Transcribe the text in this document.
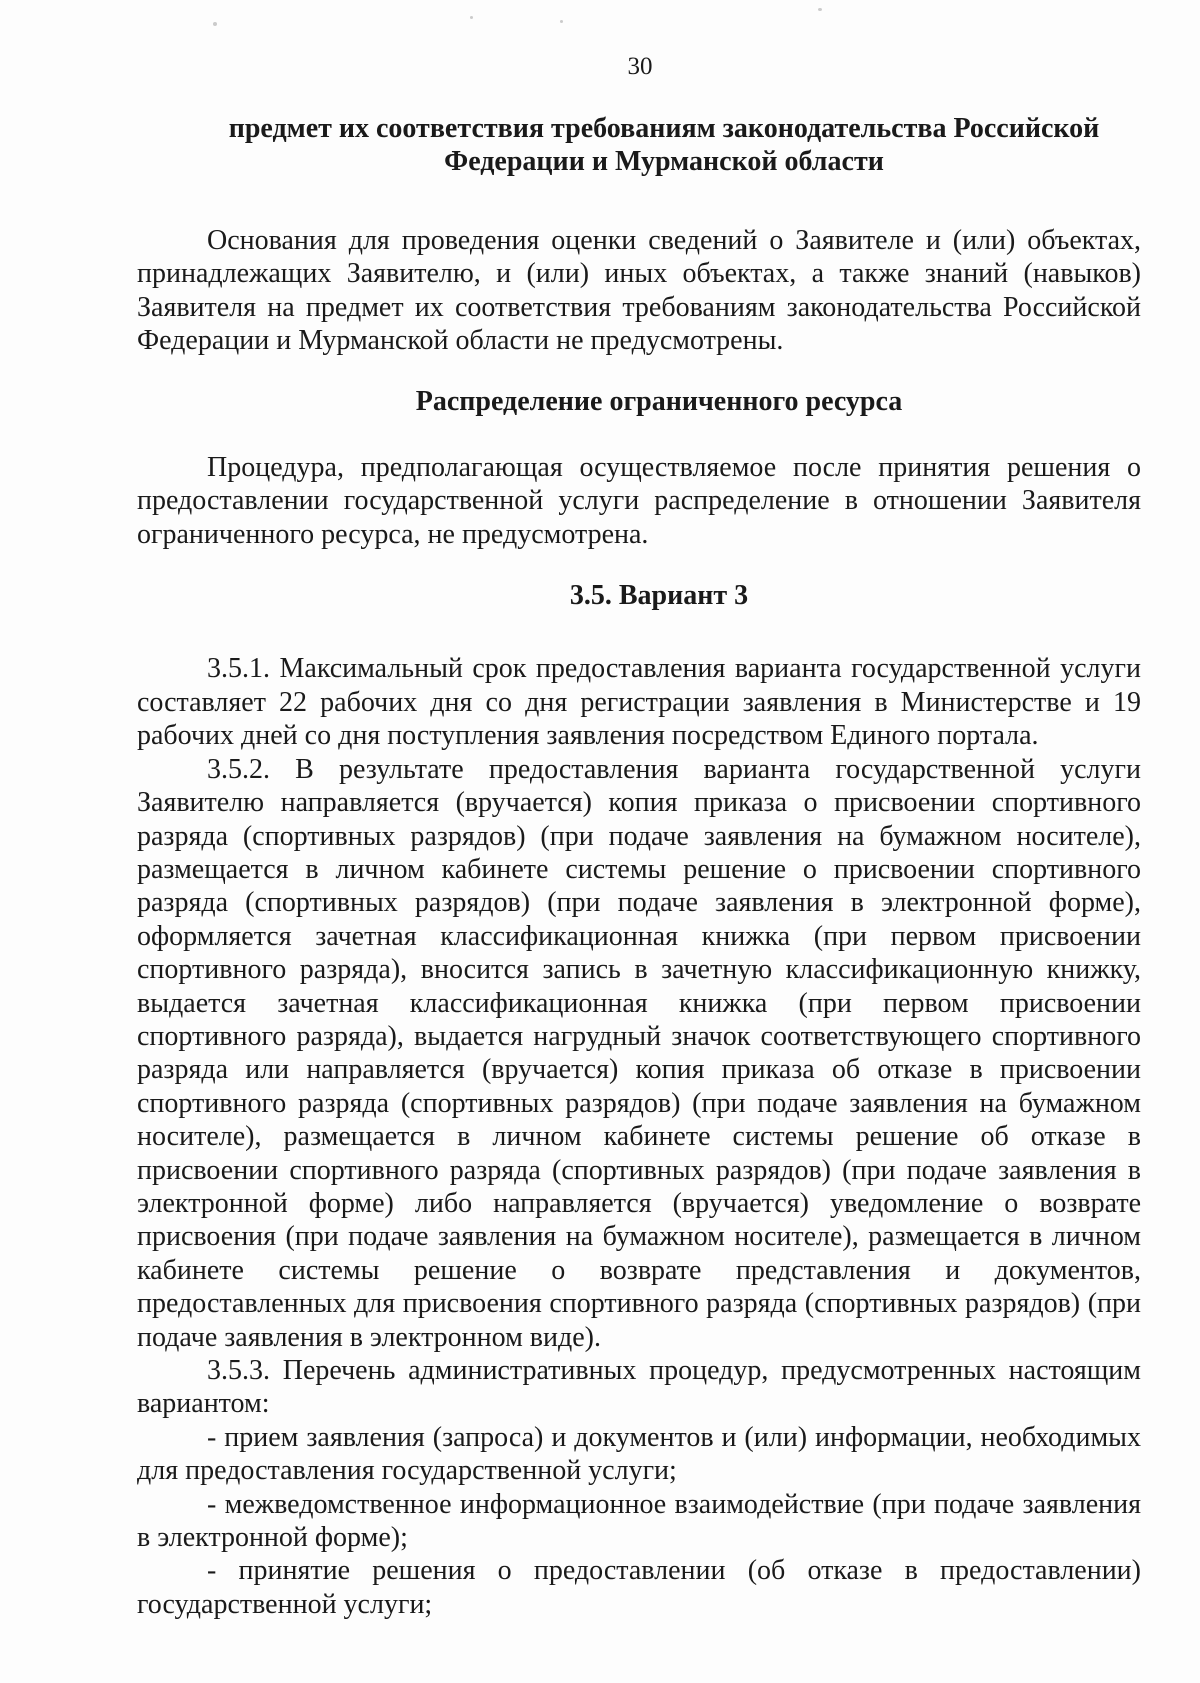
30
предмет их соответствия требованиям законодательства Российской
Федерации и Мурманской области

Основания для проведения оценки сведений о Заявителе и (или) объектах, принадлежащих Заявителю, и (или) иных объектах, а также знаний (навыков) Заявителя на предмет их соответствия требованиям законодательства Российской Федерации и Мурманской области не предусмотрены.

Распределение ограниченного ресурса

Процедура, предполагающая осуществляемое после принятия решения о предоставлении государственной услуги распределение в отношении Заявителя ограниченного ресурса, не предусмотрена.

3.5. Вариант 3

3.5.1. Максимальный срок предоставления варианта государственной услуги составляет 22 рабочих дня со дня регистрации заявления в Министерстве и 19 рабочих дней со дня поступления заявления посредством Единого портала.

3.5.2. В результате предоставления варианта государственной услуги Заявителю направляется (вручается) копия приказа о присвоении спортивного разряда (спортивных разрядов) (при подаче заявления на бумажном носителе), размещается в личном кабинете системы решение о присвоении спортивного разряда (спортивных разрядов) (при подаче заявления в электронной форме), оформляется зачетная классификационная книжка (при первом присвоении спортивного разряда), вносится запись в зачетную классификационную книжку, выдается зачетная классификационная книжка (при первом присвоении спортивного разряда), выдается нагрудный значок соответствующего спортивного разряда или направляется (вручается) копия приказа об отказе в присвоении спортивного разряда (спортивных разрядов) (при подаче заявления на бумажном носителе), размещается в личном кабинете системы решение об отказе в присвоении спортивного разряда (спортивных разрядов) (при подаче заявления в электронной форме) либо направляется (вручается) уведомление о возврате присвоения (при подаче заявления на бумажном носителе), размещается в личном кабинете системы решение о возврате представления и документов, предоставленных для присвоения спортивного разряда (спортивных разрядов) (при подаче заявления в электронном виде).

3.5.3. Перечень административных процедур, предусмотренных настоящим вариантом:

- прием заявления (запроса) и документов и (или) информации, необходимых для предоставления государственной услуги;

- межведомственное информационное взаимодействие (при подаче заявления в электронной форме);

- принятие решения о предоставлении (об отказе в предоставлении) государственной услуги;
